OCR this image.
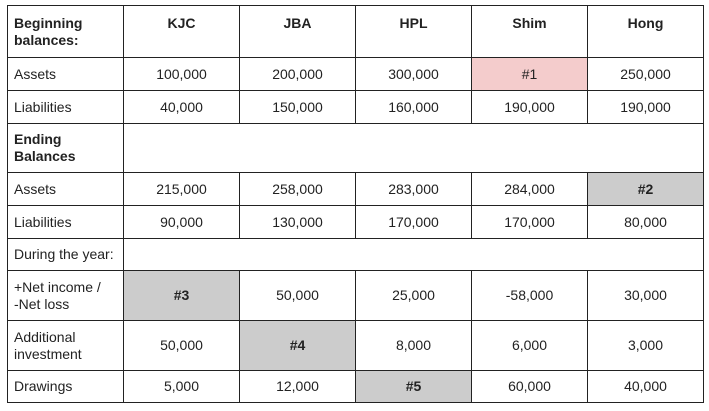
Beginning balances:	KJC	JBA	HPL	Shim	Hong
Assets	100,000	200,000	300,000	#1	250,000
Liabilities	40,000	150,000	160,000	190,000	190,000
Ending Balances					
Assets	215,000	258,000	283,000	284,000	#2
Liabilities	90,000	130,000	170,000	170,000	80,000
During the year:					
+Net income /
-Net loss	#3	50,000	25,000	-58,000	30,000
Additional
investment	50,000	#4	8,000	6,000	3,000
Drawings	5,000	12,000	#5	60,000	40,000
